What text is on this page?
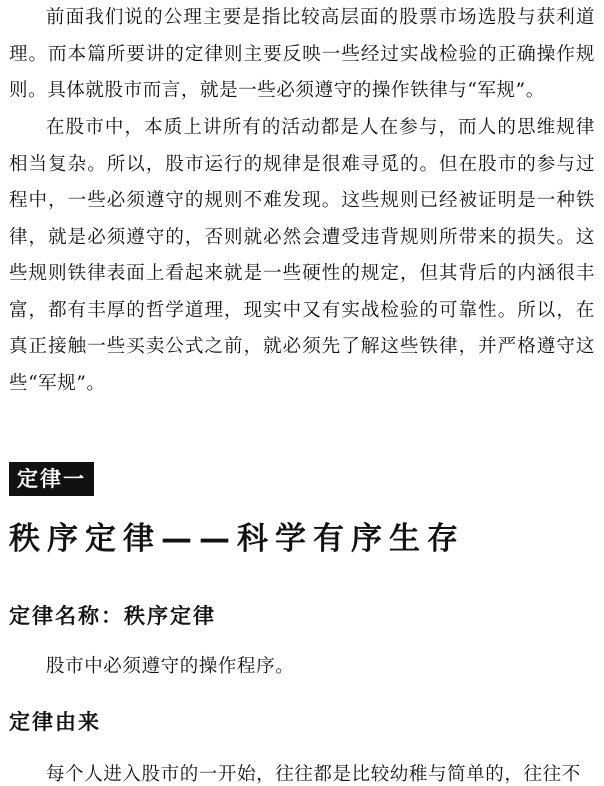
前面我们说的公理主要是指比较高层面的股票市场选股与获利道理。而本篇所要讲的定律则主要反映一些经过实战检验的正确操作规则。具体就股市而言，就是一些必须遵守的操作铁律与“军规”。

在股市中，本质上讲所有的活动都是人在参与，而人的思维规律相当复杂。所以，股市运行的规律是很难寻觅的。但在股市的参与过程中，一些必须遵守的规则不难发现。这些规则已经被证明是一种铁律，就是必须遵守的，否则就必然会遭受违背规则所带来的损失。这些规则铁律表面上看起来就是一些硬性的规定，但其背后的内涵很丰富，都有丰厚的哲学道理，现实中又有实战检验的可靠性。所以，在真正接触一些买卖公式之前，就必须先了解这些铁律，并严格遵守这些“军规”。

定律一
秩序定律——科学有序生存
定律名称：秩序定律

股市中必须遵守的操作程序。

定律由来

每个人进入股市的一开始，往往都是比较幼稚与简单的，往往不
